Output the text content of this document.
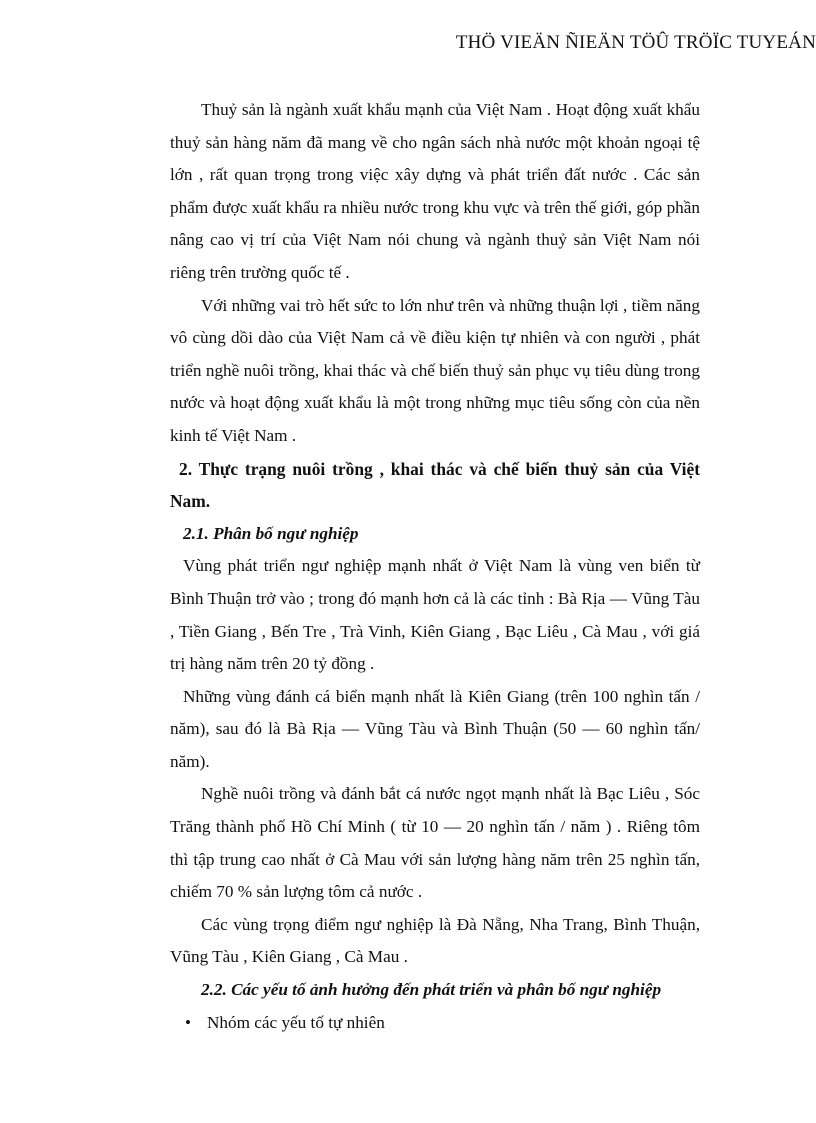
THÖ VIEÄN ÑIEÄN TÖÛ TRÖÏC TUYEÁN

Thuỷ sản là ngành xuất khẩu mạnh của Việt Nam . Hoạt động xuất khẩu thuỷ sản hàng năm đã mang về cho ngân sách nhà nước một khoản ngoại tệ lớn , rất quan trọng trong việc xây dựng và phát triển đất nước . Các sản phẩm được xuất khẩu ra nhiều nước trong khu vực và trên thế giới, góp phần nâng cao vị trí của Việt Nam nói chung và ngành thuỷ sản Việt Nam nói riêng trên trường quốc tế .

Với những vai trò hết sức to lớn như trên và những thuận lợi , tiềm năng vô cùng dồi dào của Việt Nam cả về điều kiện tự nhiên và con người , phát triển nghề nuôi trồng, khai thác và chế biến thuỷ sản phục vụ tiêu dùng trong nước và hoạt động xuất khẩu là một trong những mục tiêu sống còn của nền kinh tế Việt Nam .

2. Thực trạng nuôi trồng , khai thác và chế biến thuỷ sản của Việt Nam.

2.1. Phân bố ngư nghiệp

Vùng phát triển ngư nghiệp mạnh nhất ở Việt Nam là vùng ven biển từ Bình Thuận trở vào ; trong đó mạnh hơn cả là các tỉnh : Bà Rịa — Vũng Tàu , Tiền Giang , Bến Tre , Trà Vinh, Kiên Giang , Bạc Liêu , Cà Mau , với giá trị hàng năm trên 20 tỷ đồng .

Những vùng đánh cá biển mạnh nhất là Kiên Giang (trên 100 nghìn tấn / năm), sau đó là Bà Rịa — Vũng Tàu và Bình Thuận (50 — 60 nghìn tấn/ năm).

Nghề nuôi trồng và đánh bắt cá nước ngọt mạnh nhất là Bạc Liêu , Sóc Trăng thành phố Hồ Chí Minh ( từ 10 — 20 nghìn tấn / năm ) . Riêng tôm thì tập trung cao nhất ở Cà Mau với sản lượng hàng năm trên 25 nghìn tấn, chiếm 70 % sản lượng tôm cả nước .

Các vùng trọng điểm ngư nghiệp là Đà Nẵng, Nha Trang, Bình Thuận, Vũng Tàu , Kiên Giang , Cà Mau .

2.2. Các yếu tố ảnh hưởng đến phát triển và phân bố ngư nghiệp

• Nhóm các yếu tố tự nhiên
